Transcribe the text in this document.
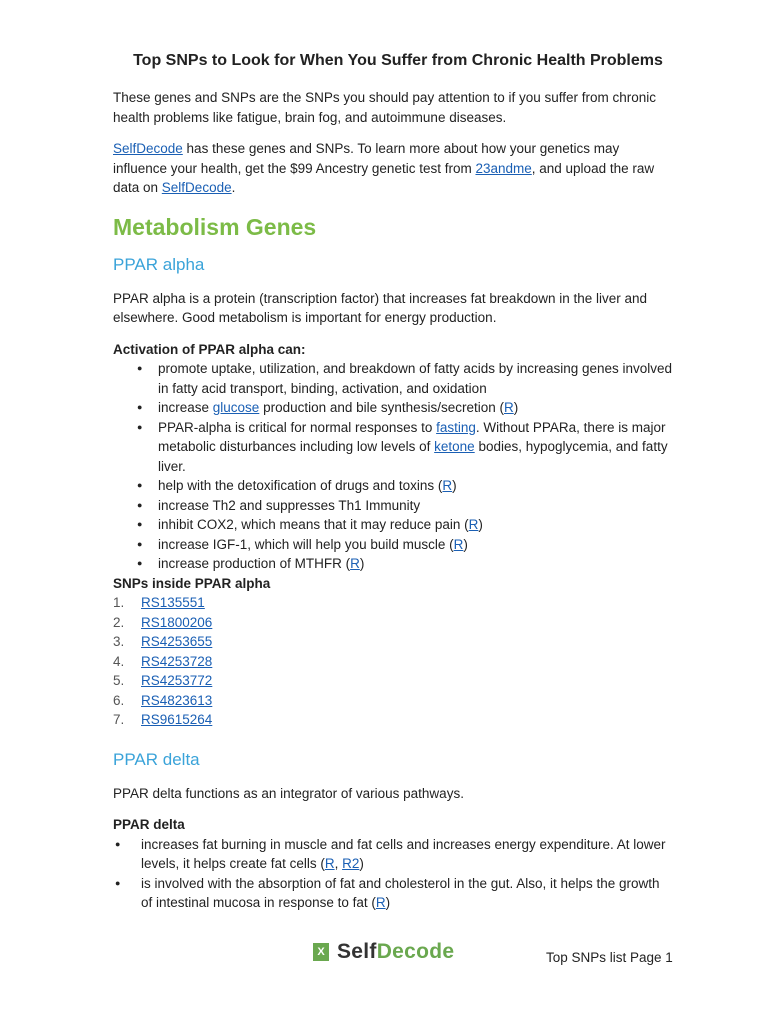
Top SNPs to Look for When You Suffer from Chronic Health Problems

These genes and SNPs are the SNPs you should pay attention to if you suffer from chronic health problems like fatigue, brain fog, and autoimmune diseases.

SelfDecode has these genes and SNPs. To learn more about how your genetics may influence your health, get the $99 Ancestry genetic test from 23andme, and upload the raw data on SelfDecode.

Metabolism Genes
PPAR alpha

PPAR alpha is a protein (transcription factor) that increases fat breakdown in the liver and elsewhere. Good metabolism is important for energy production.

Activation of PPAR alpha can:
● promote uptake, utilization, and breakdown of fatty acids by increasing genes involved in fatty acid transport, binding, activation, and oxidation
● increase glucose production and bile synthesis/secretion (R)
● PPAR-alpha is critical for normal responses to fasting. Without PPARa, there is major metabolic disturbances including low levels of ketone bodies, hypoglycemia, and fatty liver.
● help with the detoxification of drugs and toxins (R)
● increase Th2 and suppresses Th1 Immunity
● inhibit COX2, which means that it may reduce pain (R)
● increase IGF-1, which will help you build muscle (R)
● increase production of MTHFR (R)
SNPs inside PPAR alpha
1.	RS135551
2.	RS1800206
3.	RS4253655
4.	RS4253728
5.	RS4253772
6.	RS4823613
7.	RS9615264
PPAR delta

PPAR delta functions as an integrator of various pathways.

PPAR delta
● increases fat burning in muscle and fat cells and increases energy expenditure. At lower levels, it helps create fat cells (R, R2)
● is involved with the absorption of fat and cholesterol in the gut. Also, it helps the growth of intestinal mucosa in response to fat (R)
X SelfDecode	Top SNPs list Page 1
